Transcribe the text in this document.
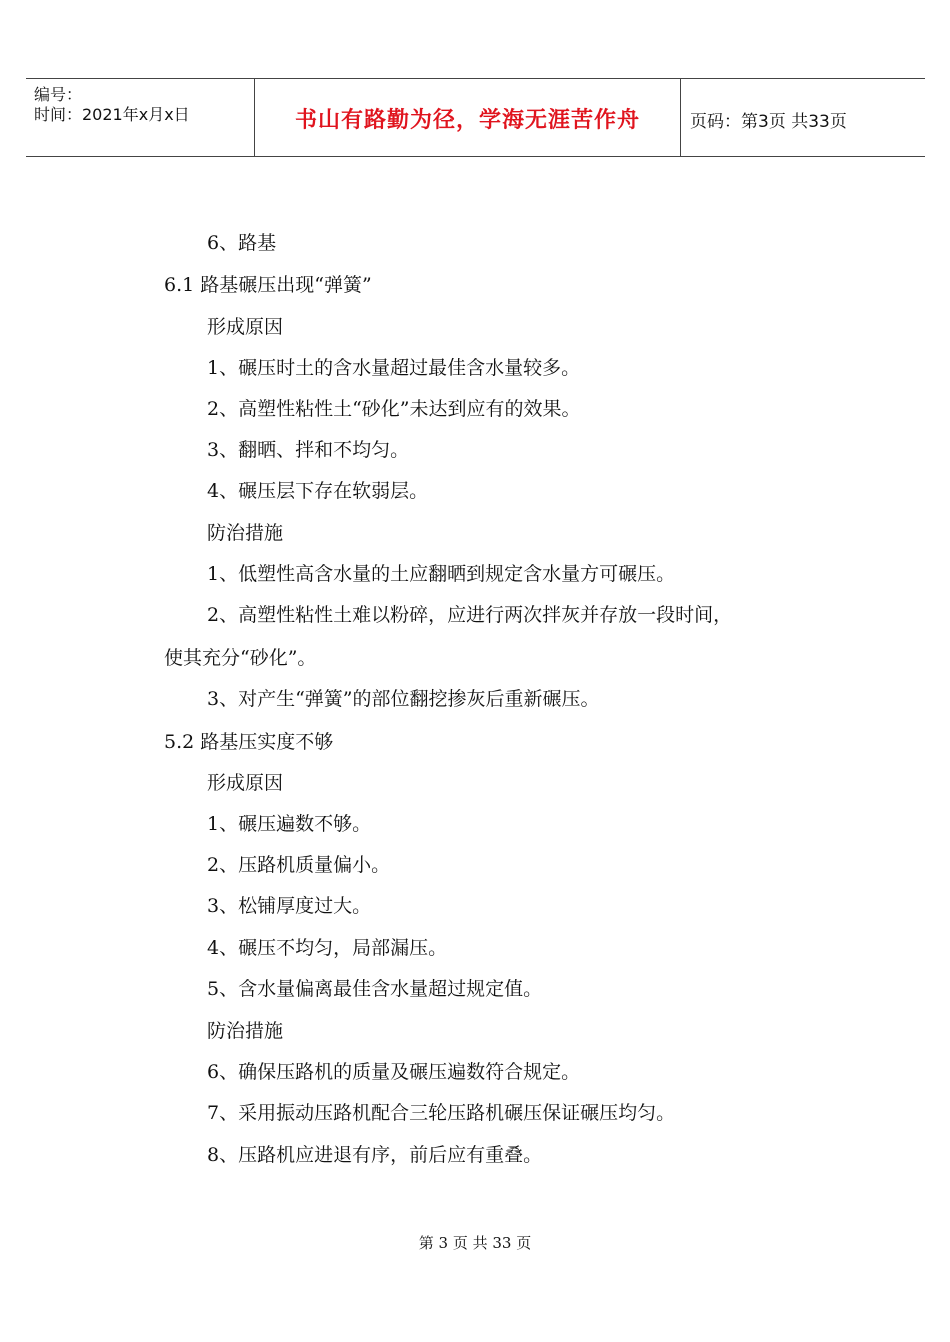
编号：
时间：2021年x月x日	书山有路勤为径，学海无涯苦作舟	页码：第3页 共33页
6、路基
6.1 路基碾压出现“弹簧”
形成原因
1、碾压时土的含水量超过最佳含水量较多。
2、高塑性粘性土“砂化”未达到应有的效果。
3、翻晒、拌和不均匀。
4、碾压层下存在软弱层。
防治措施
1、低塑性高含水量的土应翻晒到规定含水量方可碾压。
2、高塑性粘性土难以粉碎，应进行两次拌灰并存放一段时间，
使其充分“砂化”。
3、对产生“弹簧”的部位翻挖掺灰后重新碾压。
5.2 路基压实度不够
形成原因
1、碾压遍数不够。
2、压路机质量偏小。
3、松铺厚度过大。
4、碾压不均匀，局部漏压。
5、含水量偏离最佳含水量超过规定值。
防治措施
6、确保压路机的质量及碾压遍数符合规定。
7、采用振动压路机配合三轮压路机碾压保证碾压均匀。
8、压路机应进退有序，前后应有重叠。
第 3 页 共 33 页
